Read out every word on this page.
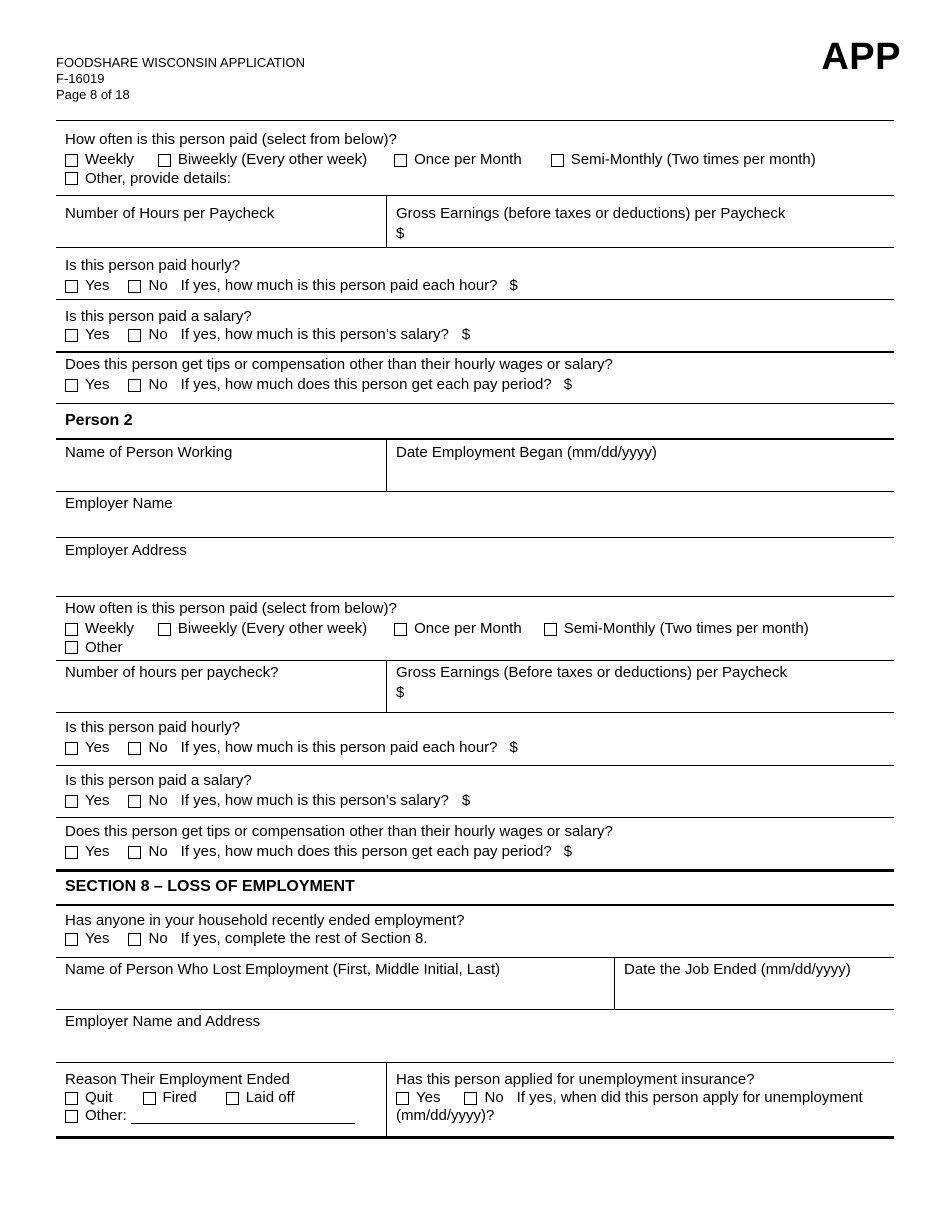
FOODSHARE WISCONSIN APPLICATION
F-16019
Page 8 of 18
APP
How often is this person paid (select from below)?
Weekly	Biweekly (Every other week)	Once per Month	Semi-Monthly (Two times per month)
Other, provide details:
Number of Hours per Paycheck	Gross Earnings (before taxes or deductions) per Paycheck
$
Is this person paid hourly?
Yes	No If yes, how much is this person paid each hour? $
Is this person paid a salary?
Yes	No If yes, how much is this person’s salary? $
Does this person get tips or compensation other than their hourly wages or salary?
Yes	No If yes, how much does this person get each pay period? $
Person 2
Name of Person Working	Date Employment Began (mm/dd/yyyy)
Employer Name
Employer Address
How often is this person paid (select from below)?
Weekly	Biweekly (Every other week)	Once per Month	Semi-Monthly (Two times per month)
Other
Number of hours per paycheck?	Gross Earnings (Before taxes or deductions) per Paycheck
$
Is this person paid hourly?
Yes	No If yes, how much is this person paid each hour? $
Is this person paid a salary?
Yes	No If yes, how much is this person’s salary? $
Does this person get tips or compensation other than their hourly wages or salary?
Yes	No If yes, how much does this person get each pay period? $
SECTION 8 – LOSS OF EMPLOYMENT
Has anyone in your household recently ended employment?
Yes	No If yes, complete the rest of Section 8.
Name of Person Who Lost Employment (First, Middle Initial, Last)	Date the Job Ended (mm/dd/yyyy)
Employer Name and Address
Reason Their Employment Ended
Quit	Fired	Laid off
Other:
Has this person applied for unemployment insurance?
Yes	No If yes, when did this person apply for unemployment
(mm/dd/yyyy)?
